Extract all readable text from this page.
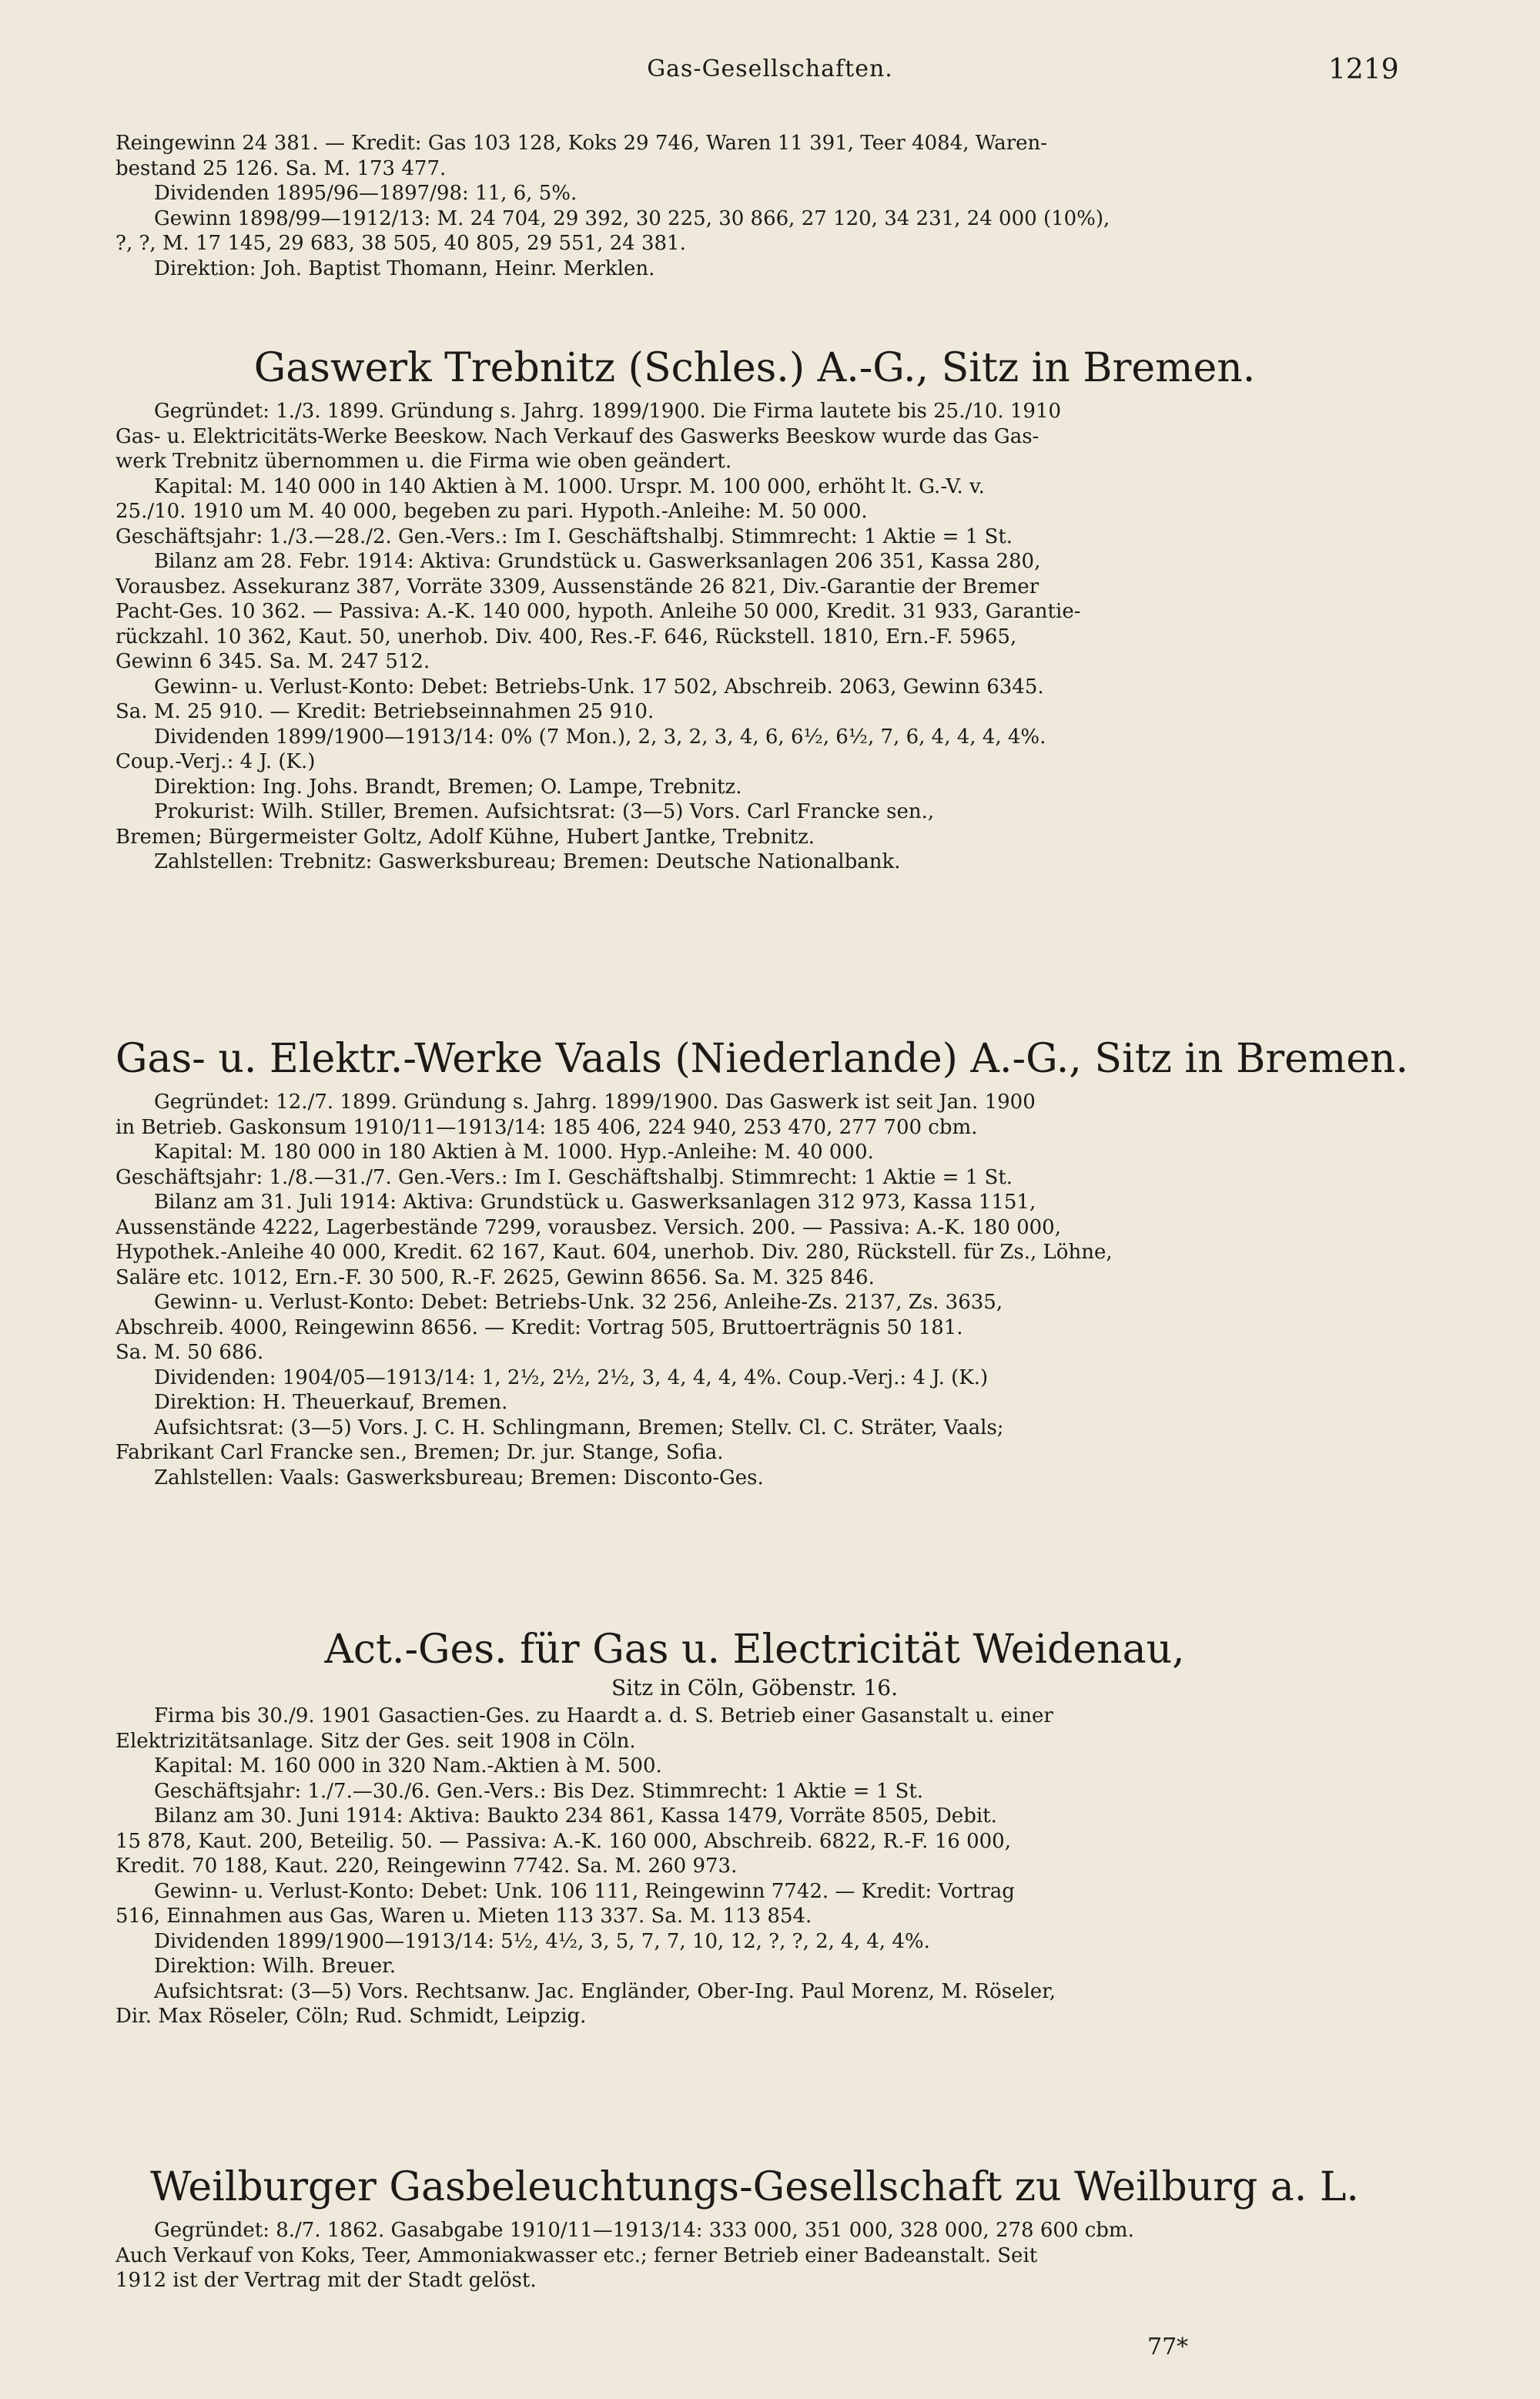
Gas-Gesellschaften.	1219
Reingewinn 24 381. — Kredit: Gas 103 128, Koks 29 746, Waren 11 391, Teer 4084, Waren-
bestand 25 126. Sa. M. 173 477.
Dividenden 1895/96—1897/98: 11, 6, 5%.
Gewinn 1898/99—1912/13: M. 24 704, 29 392, 30 225, 30 866, 27 120, 34 231, 24 000 (10%),
?, ?, M. 17 145, 29 683, 38 505, 40 805, 29 551, 24 381.
Direktion: Joh. Baptist Thomann, Heinr. Merklen.
Gaswerk Trebnitz (Schles.) A.-G., Sitz in Bremen.
Gegründet: 1./3. 1899. Gründung s. Jahrg. 1899/1900. Die Firma lautete bis 25./10. 1910
Gas- u. Elektricitäts-Werke Beeskow. Nach Verkauf des Gaswerks Beeskow wurde das Gas-
werk Trebnitz übernommen u. die Firma wie oben geändert.
Kapital: M. 140 000 in 140 Aktien à M. 1000. Urspr. M. 100 000, erhöht lt. G.-V. v.
25./10. 1910 um M. 40 000, begeben zu pari. Hypoth.-Anleihe: M. 50 000.
Geschäftsjahr: 1./3.—28./2. Gen.-Vers.: Im I. Geschäftshalbj. Stimmrecht: 1 Aktie = 1 St.
Bilanz am 28. Febr. 1914: Aktiva: Grundstück u. Gaswerksanlagen 206 351, Kassa 280,
Vorausbez. Assekuranz 387, Vorräte 3309, Aussenstände 26 821, Div.-Garantie der Bremer
Pacht-Ges. 10 362. — Passiva: A.-K. 140 000, hypoth. Anleihe 50 000, Kredit. 31 933, Garantie-
rückzahl. 10 362, Kaut. 50, unerhob. Div. 400, Res.-F. 646, Rückstell. 1810, Ern.-F. 5965,
Gewinn 6 345. Sa. M. 247 512.
Gewinn- u. Verlust-Konto: Debet: Betriebs-Unk. 17 502, Abschreib. 2063, Gewinn 6345.
Sa. M. 25 910. — Kredit: Betriebseinnahmen 25 910.
Dividenden 1899/1900—1913/14: 0% (7 Mon.), 2, 3, 2, 3, 4, 6, 6½, 6½, 7, 6, 4, 4, 4, 4%.
Coup.-Verj.: 4 J. (K.)
Direktion: Ing. Johs. Brandt, Bremen; O. Lampe, Trebnitz.
Prokurist: Wilh. Stiller, Bremen. Aufsichtsrat: (3—5) Vors. Carl Francke sen.,
Bremen; Bürgermeister Goltz, Adolf Kühne, Hubert Jantke, Trebnitz.
Zahlstellen: Trebnitz: Gaswerksbureau; Bremen: Deutsche Nationalbank.
Gas- u. Elektr.-Werke Vaals (Niederlande) A.-G., Sitz in Bremen.
Gegründet: 12./7. 1899. Gründung s. Jahrg. 1899/1900. Das Gaswerk ist seit Jan. 1900
in Betrieb. Gaskonsum 1910/11—1913/14: 185 406, 224 940, 253 470, 277 700 cbm.
Kapital: M. 180 000 in 180 Aktien à M. 1000. Hyp.-Anleihe: M. 40 000.
Geschäftsjahr: 1./8.—31./7. Gen.-Vers.: Im I. Geschäftshalbj. Stimmrecht: 1 Aktie = 1 St.
Bilanz am 31. Juli 1914: Aktiva: Grundstück u. Gaswerksanlagen 312 973, Kassa 1151,
Aussenstände 4222, Lagerbestände 7299, vorausbez. Versich. 200. — Passiva: A.-K. 180 000,
Hypothek.-Anleihe 40 000, Kredit. 62 167, Kaut. 604, unerhob. Div. 280, Rückstell. für Zs., Löhne,
Saläre etc. 1012, Ern.-F. 30 500, R.-F. 2625, Gewinn 8656. Sa. M. 325 846.
Gewinn- u. Verlust-Konto: Debet: Betriebs-Unk. 32 256, Anleihe-Zs. 2137, Zs. 3635,
Abschreib. 4000, Reingewinn 8656. — Kredit: Vortrag 505, Bruttoerträgnis 50 181.
Sa. M. 50 686.
Dividenden: 1904/05—1913/14: 1, 2½, 2½, 2½, 3, 4, 4, 4, 4%. Coup.-Verj.: 4 J. (K.)
Direktion: H. Theuerkauf, Bremen.
Aufsichtsrat: (3—5) Vors. J. C. H. Schlingmann, Bremen; Stellv. Cl. C. Sträter, Vaals;
Fabrikant Carl Francke sen., Bremen; Dr. jur. Stange, Sofia.
Zahlstellen: Vaals: Gaswerksbureau; Bremen: Disconto-Ges.
Act.-Ges. für Gas u. Electricität Weidenau,
Sitz in Cöln, Göbenstr. 16.
Firma bis 30./9. 1901 Gasactien-Ges. zu Haardt a. d. S. Betrieb einer Gasanstalt u. einer
Elektrizitätsanlage. Sitz der Ges. seit 1908 in Cöln.
Kapital: M. 160 000 in 320 Nam.-Aktien à M. 500.
Geschäftsjahr: 1./7.—30./6. Gen.-Vers.: Bis Dez. Stimmrecht: 1 Aktie = 1 St.
Bilanz am 30. Juni 1914: Aktiva: Baukto 234 861, Kassa 1479, Vorräte 8505, Debit.
15 878, Kaut. 200, Beteilig. 50. — Passiva: A.-K. 160 000, Abschreib. 6822, R.-F. 16 000,
Kredit. 70 188, Kaut. 220, Reingewinn 7742. Sa. M. 260 973.
Gewinn- u. Verlust-Konto: Debet: Unk. 106 111, Reingewinn 7742. — Kredit: Vortrag
516, Einnahmen aus Gas, Waren u. Mieten 113 337. Sa. M. 113 854.
Dividenden 1899/1900—1913/14: 5½, 4½, 3, 5, 7, 7, 10, 12, ?, ?, 2, 4, 4, 4%.
Direktion: Wilh. Breuer.
Aufsichtsrat: (3—5) Vors. Rechtsanw. Jac. Engländer, Ober-Ing. Paul Morenz, M. Röseler,
Dir. Max Röseler, Cöln; Rud. Schmidt, Leipzig.
Weilburger Gasbeleuchtungs-Gesellschaft zu Weilburg a. L.
Gegründet: 8./7. 1862. Gasabgabe 1910/11—1913/14: 333 000, 351 000, 328 000, 278 600 cbm.
Auch Verkauf von Koks, Teer, Ammoniakwasser etc.; ferner Betrieb einer Badeanstalt. Seit
1912 ist der Vertrag mit der Stadt gelöst.
77*
